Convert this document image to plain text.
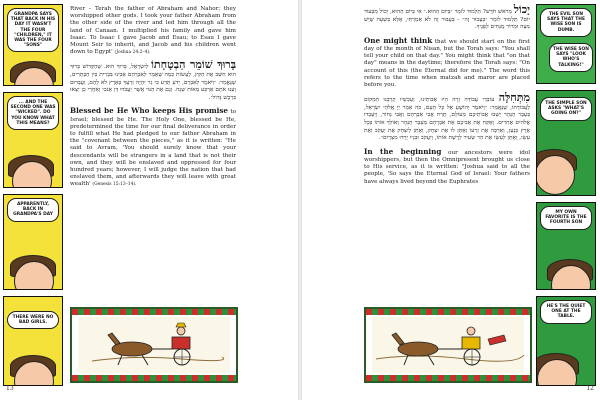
GRANDPA SAYS THAT BACK IN HIS DAY IT WASN'T THE FOUR "CHILDREN," IT WAS THE FOUR "SONS"
... AND THE SECOND ONE WAS "WICKED". DO YOU KNOW WHAT THIS MEANS?
APPARENTLY, BACK IN GRANDPA'S DAY
THERE WERE NO BAD GIRLS.

River – Terah the father of Abraham and Nahor; they worshipped other gods. I took your father Abraham from the other side of the river and led him through all the land of Canaan. I multiplied his family and gave him Isaac. To Isaac I gave Jacob and Esau; to Esau I gave Mount Seir to inherit, and Jacob and his children went down to Egypt' (Joshua 24:2–4).

בָּרוּךְ שׁוֹמֵר הַבְטָחָתוֹ לְיִשְׂרָאֵל, בָּרוּךְ הוּא. שֶׁהַקָּדוֹשׁ בָּרוּךְ הוּא חִשַּׁב אֶת הַקֵּץ, לַעֲשׂוֹת כְּמָה שֶׁאָמַר לְאַבְרָהָם אָבִינוּ בִּבְרִית בֵּין הַבְּתָרִים, שֶׁנֶּאֱמַר: ״וַיֹּאמֶר לְאַבְרָם, יָדֹעַ תֵּדַע כִּי גֵר יִהְיֶה זַרְעֲךָ בְּאֶרֶץ לֹא לָהֶם, וַעֲבָדוּם וְעִנּוּ אֹתָם אַרְבַּע מֵאוֹת שָׁנָה. וְגַם אֶת הַגּוֹי אֲשֶׁר יַעֲבֹדוּ דָּן אָנֹכִי וְאַחֲרֵי כֵן יֵצְאוּ בִּרְכֻשׁ גָּדוֹל״.

Blessed be He Who keeps His promise to Israel; blessed be He. The Holy One, blessed be He, predetermined the time for our final deliverance in order to fulfill what He had pledged to our father Abraham in the "covenant between the pieces," as it is written: "He said to Avram, 'You should surely know that your descendants will be strangers in a land that is not their own, and they will be enslaved and oppressed for four hundred years; however, I will judge the nation that had enslaved them, and afterwards they will leave with great wealth' (Genesis 15:13–14).

13

יָכוֹל מֵרֹאשׁ חֹדֶשׁ? תַּלְמוּד לוֹמַר ״בַּיּוֹם הַהוּא.״ אִי בַּיּוֹם הַהוּא, יָכוֹל מִבְּעוֹד יוֹם? תַּלְמוּד לוֹמַר ״בַּעֲבוּר זֶה״ - בַּעֲבוּר זֶה לֹא אָמַרְתִּי, אֶלָּא בְּשָׁעָה שֶׁיֵּשׁ מַצָּה וּמָרוֹר מֻנָּחִים לְפָנֶיךָ.

One might think that we should start on the first day of the month of Nisan, but the Torah says: "You shall tell your child on that day." You might think that "on that day" means in the daytime; therefore the Torah says: "On account of this (the Eternal did for me)." The word this refers to the time when matzah and maror are placed before you.

מִתְּחִלָּה עוֹבְדֵי עֲבוֹדָה זָרָה הָיוּ אֲבוֹתֵינוּ, וְעַכְשָׁיו קֵרְבָנוּ הַמָּקוֹם לַעֲבוֹדָתוֹ, שֶׁנֶּאֱמַר: ״וַיֹּאמֶר יְהוֹשֻׁעַ אֶל כָּל הָעָם, כֹּה אָמַר יְיָ אֱלֹהֵי יִשְׂרָאֵל, בְּעֵבֶר הַנָּהָר יָשְׁבוּ אֲבוֹתֵיכֶם מֵעוֹלָם, תֶּרַח אֲבִי אַבְרָהָם וַאֲבִי נָחוֹר, וַיַּעַבְדוּ אֱלֹהִים אֲחֵרִים. וָאֶקַּח אֶת אֲבִיכֶם אֶת אַבְרָהָם מֵעֵבֶר הַנָּהָר וָאוֹלֵךְ אוֹתוֹ בְּכָל אֶרֶץ כְּנָעַן, וָאַרְבֶּה אֶת זַרְעוֹ וָאֶתֵּן לוֹ אֶת יִצְחָק, וָאֶתֵּן לְיִצְחָק אֶת יַעֲקֹב וְאֶת עֵשָׂו, וָאֶתֵּן לְעֵשָׂו אֶת הַר שֵׂעִיר לָרֶשֶׁת אוֹתוֹ, וְיַעֲקֹב וּבָנָיו יָרְדוּ מִצְרָיִם״.

In the beginning our ancestors were idol worshippers, but then the Omnipresent brought us close to His service, as it is written: "Joshua said to all the people, 'So says the Eternal God of Israel: Your fathers have always lived beyond the Euphrates

THE EVIL SON SAYS THAT THE WISE SON IS DUMB.
THE WISE SON SAYS "LOOK WHO'S TALKING!"
THE SIMPLE SON ASKS "WHAT'S GOING ON?"
MY OWN FAVORITE IS THE FOURTH SON
HE'S THE QUIET ONE AT THE TABLE.
12
